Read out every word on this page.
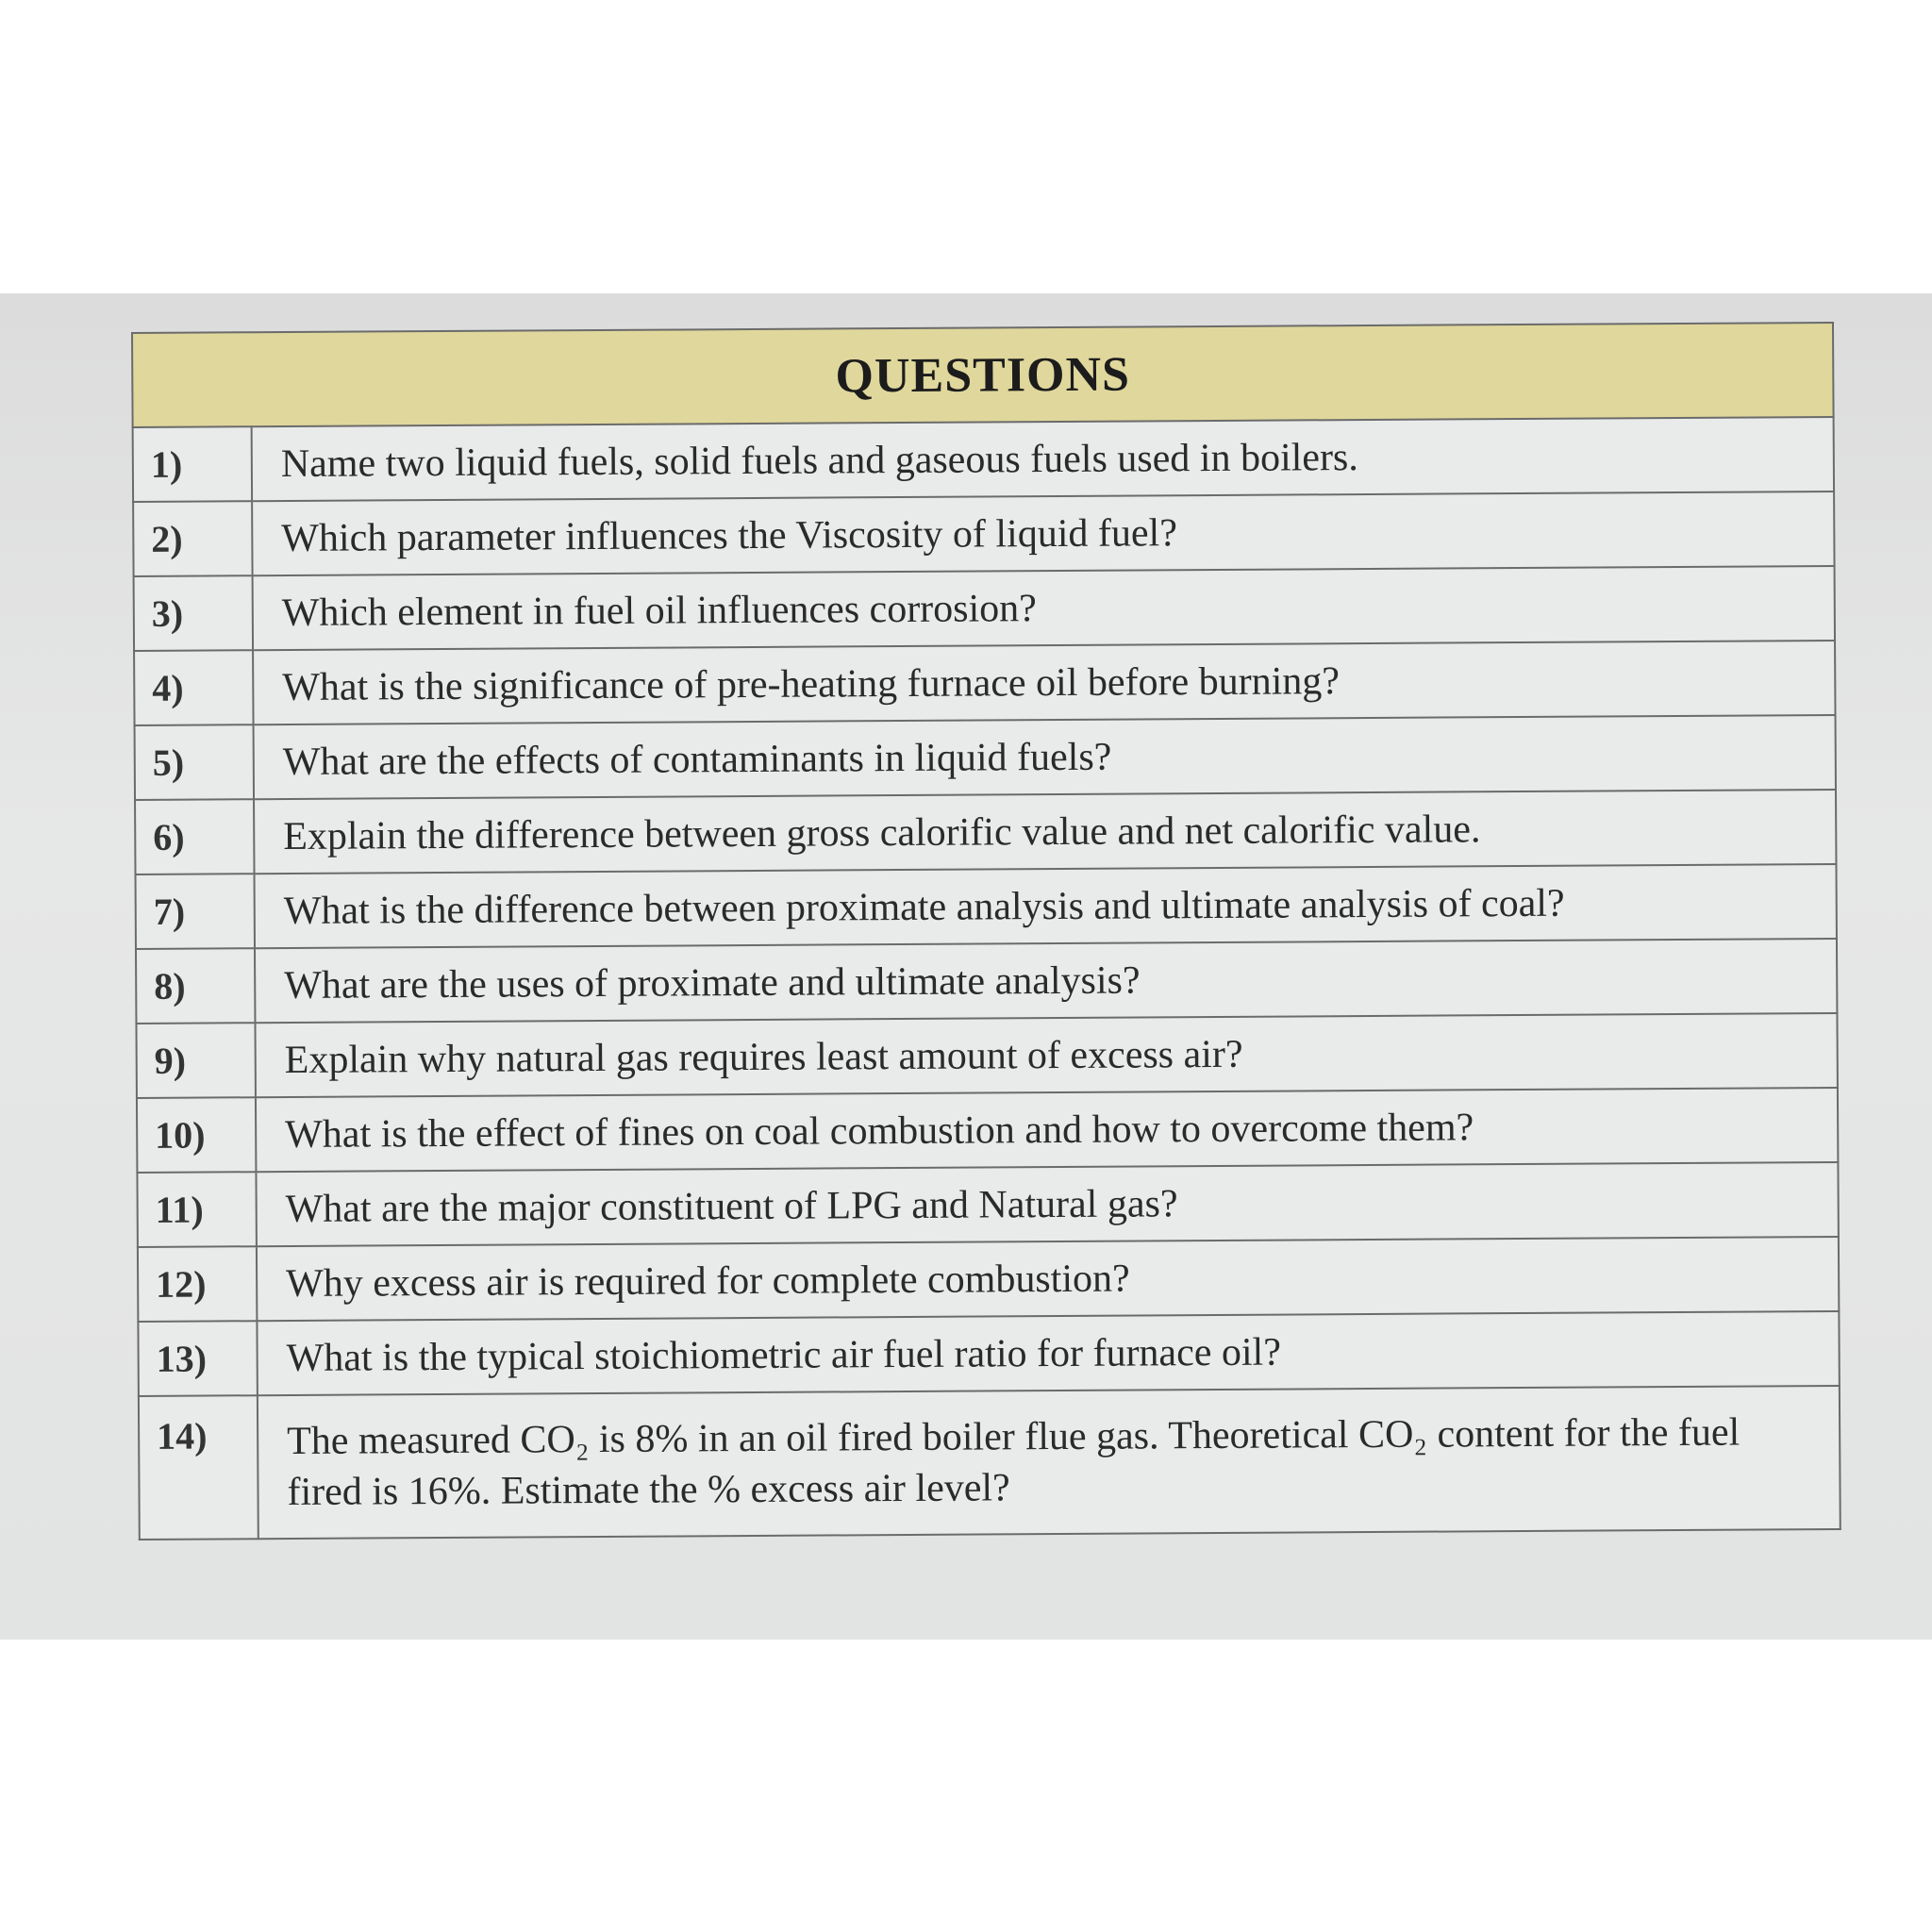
QUESTIONS	
1)	Name two liquid fuels, solid fuels and gaseous fuels used in boilers.
2)	Which parameter influences the Viscosity of liquid fuel?
3)	Which element in fuel oil influences corrosion?
4)	What is the significance of pre-heating furnace oil before burning?
5)	What are the effects of contaminants in liquid fuels?
6)	Explain the difference between gross calorific value and net calorific value.
7)	What is the difference between proximate analysis and ultimate analysis of coal?
8)	What are the uses of proximate and ultimate analysis?
9)	Explain why natural gas requires least amount of excess air?
10)	What is the effect of fines on coal combustion and how to overcome them?
11)	What are the major constituent of LPG and Natural gas?
12)	Why excess air is required for complete combustion?
13)	What is the typical stoichiometric air fuel ratio for furnace oil?
14)	The measured CO₂ is 8% in an oil fired boiler flue gas. Theoretical CO₂ content for the fuel fired is 16%. Estimate the % excess air level?
